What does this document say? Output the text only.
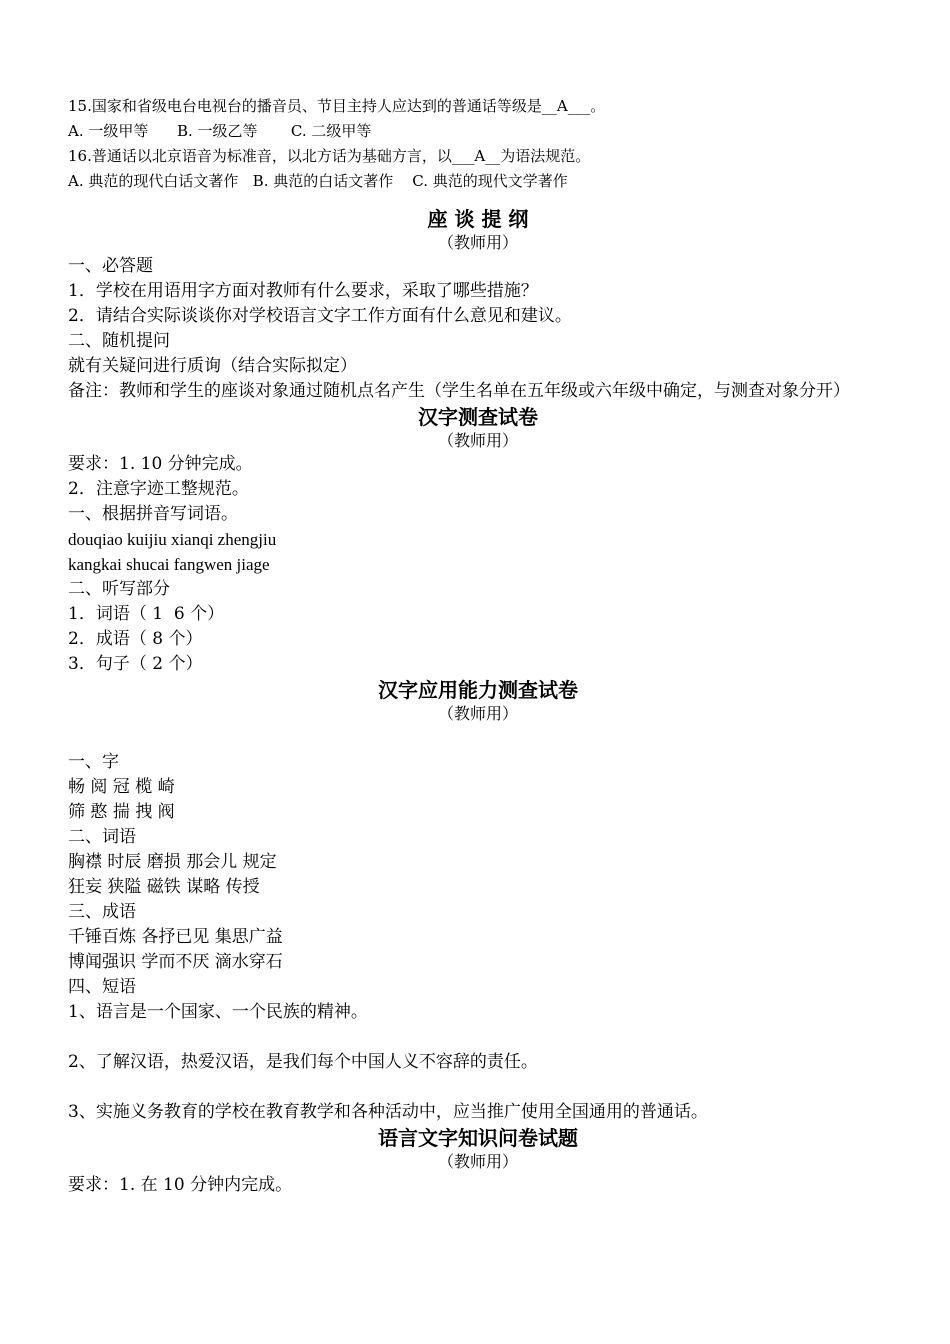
15.国家和省级电台电视台的播音员、节目主持人应达到的普通话等级是__A___。
A. 一级甲等      B. 一级乙等       C. 二级甲等
16.普通话以北京语音为标准音，以北方话为基础方言，以___A__为语法规范。
A. 典范的现代白话文著作   B. 典范的白话文著作    C. 典范的现代文学著作
座 谈 提 纲
（教师用）
一、必答题
1．学校在用语用字方面对教师有什么要求，采取了哪些措施？
2．请结合实际谈谈你对学校语言文字工作方面有什么意见和建议。
二、随机提问
就有关疑问进行质询（结合实际拟定）
备注：教师和学生的座谈对象通过随机点名产生（学生名单在五年级或六年级中确定，与测查对象分开）
汉字测查试卷
（教师用）
要求：1. 10 分钟完成。
2．注意字迹工整规范。
一、根据拼音写词语。
douqiao kuijiu xianqi zhengjiu
kangkai shucai fangwen jiage
二、听写部分
1．词语（ 1  6 个）
2．成语（ 8 个）
3．句子（ 2 个）
汉字应用能力测查试卷
（教师用）
一、字
畅 阅 冠 榄 崎
筛 憨 揣 拽 阀
二、词语
胸襟 时辰 磨损 那会儿 规定
狂妄 狭隘 磁铁 谋略 传授
三、成语
千锤百炼 各抒已见 集思广益
博闻强识 学而不厌 滴水穿石
四、短语
1、语言是一个国家、一个民族的精神。
2、了解汉语，热爱汉语，是我们每个中国人义不容辞的责任。
3、实施义务教育的学校在教育教学和各种活动中，应当推广使用全国通用的普通话。
语言文字知识问卷试题
（教师用）
要求：1. 在 10 分钟内完成。
